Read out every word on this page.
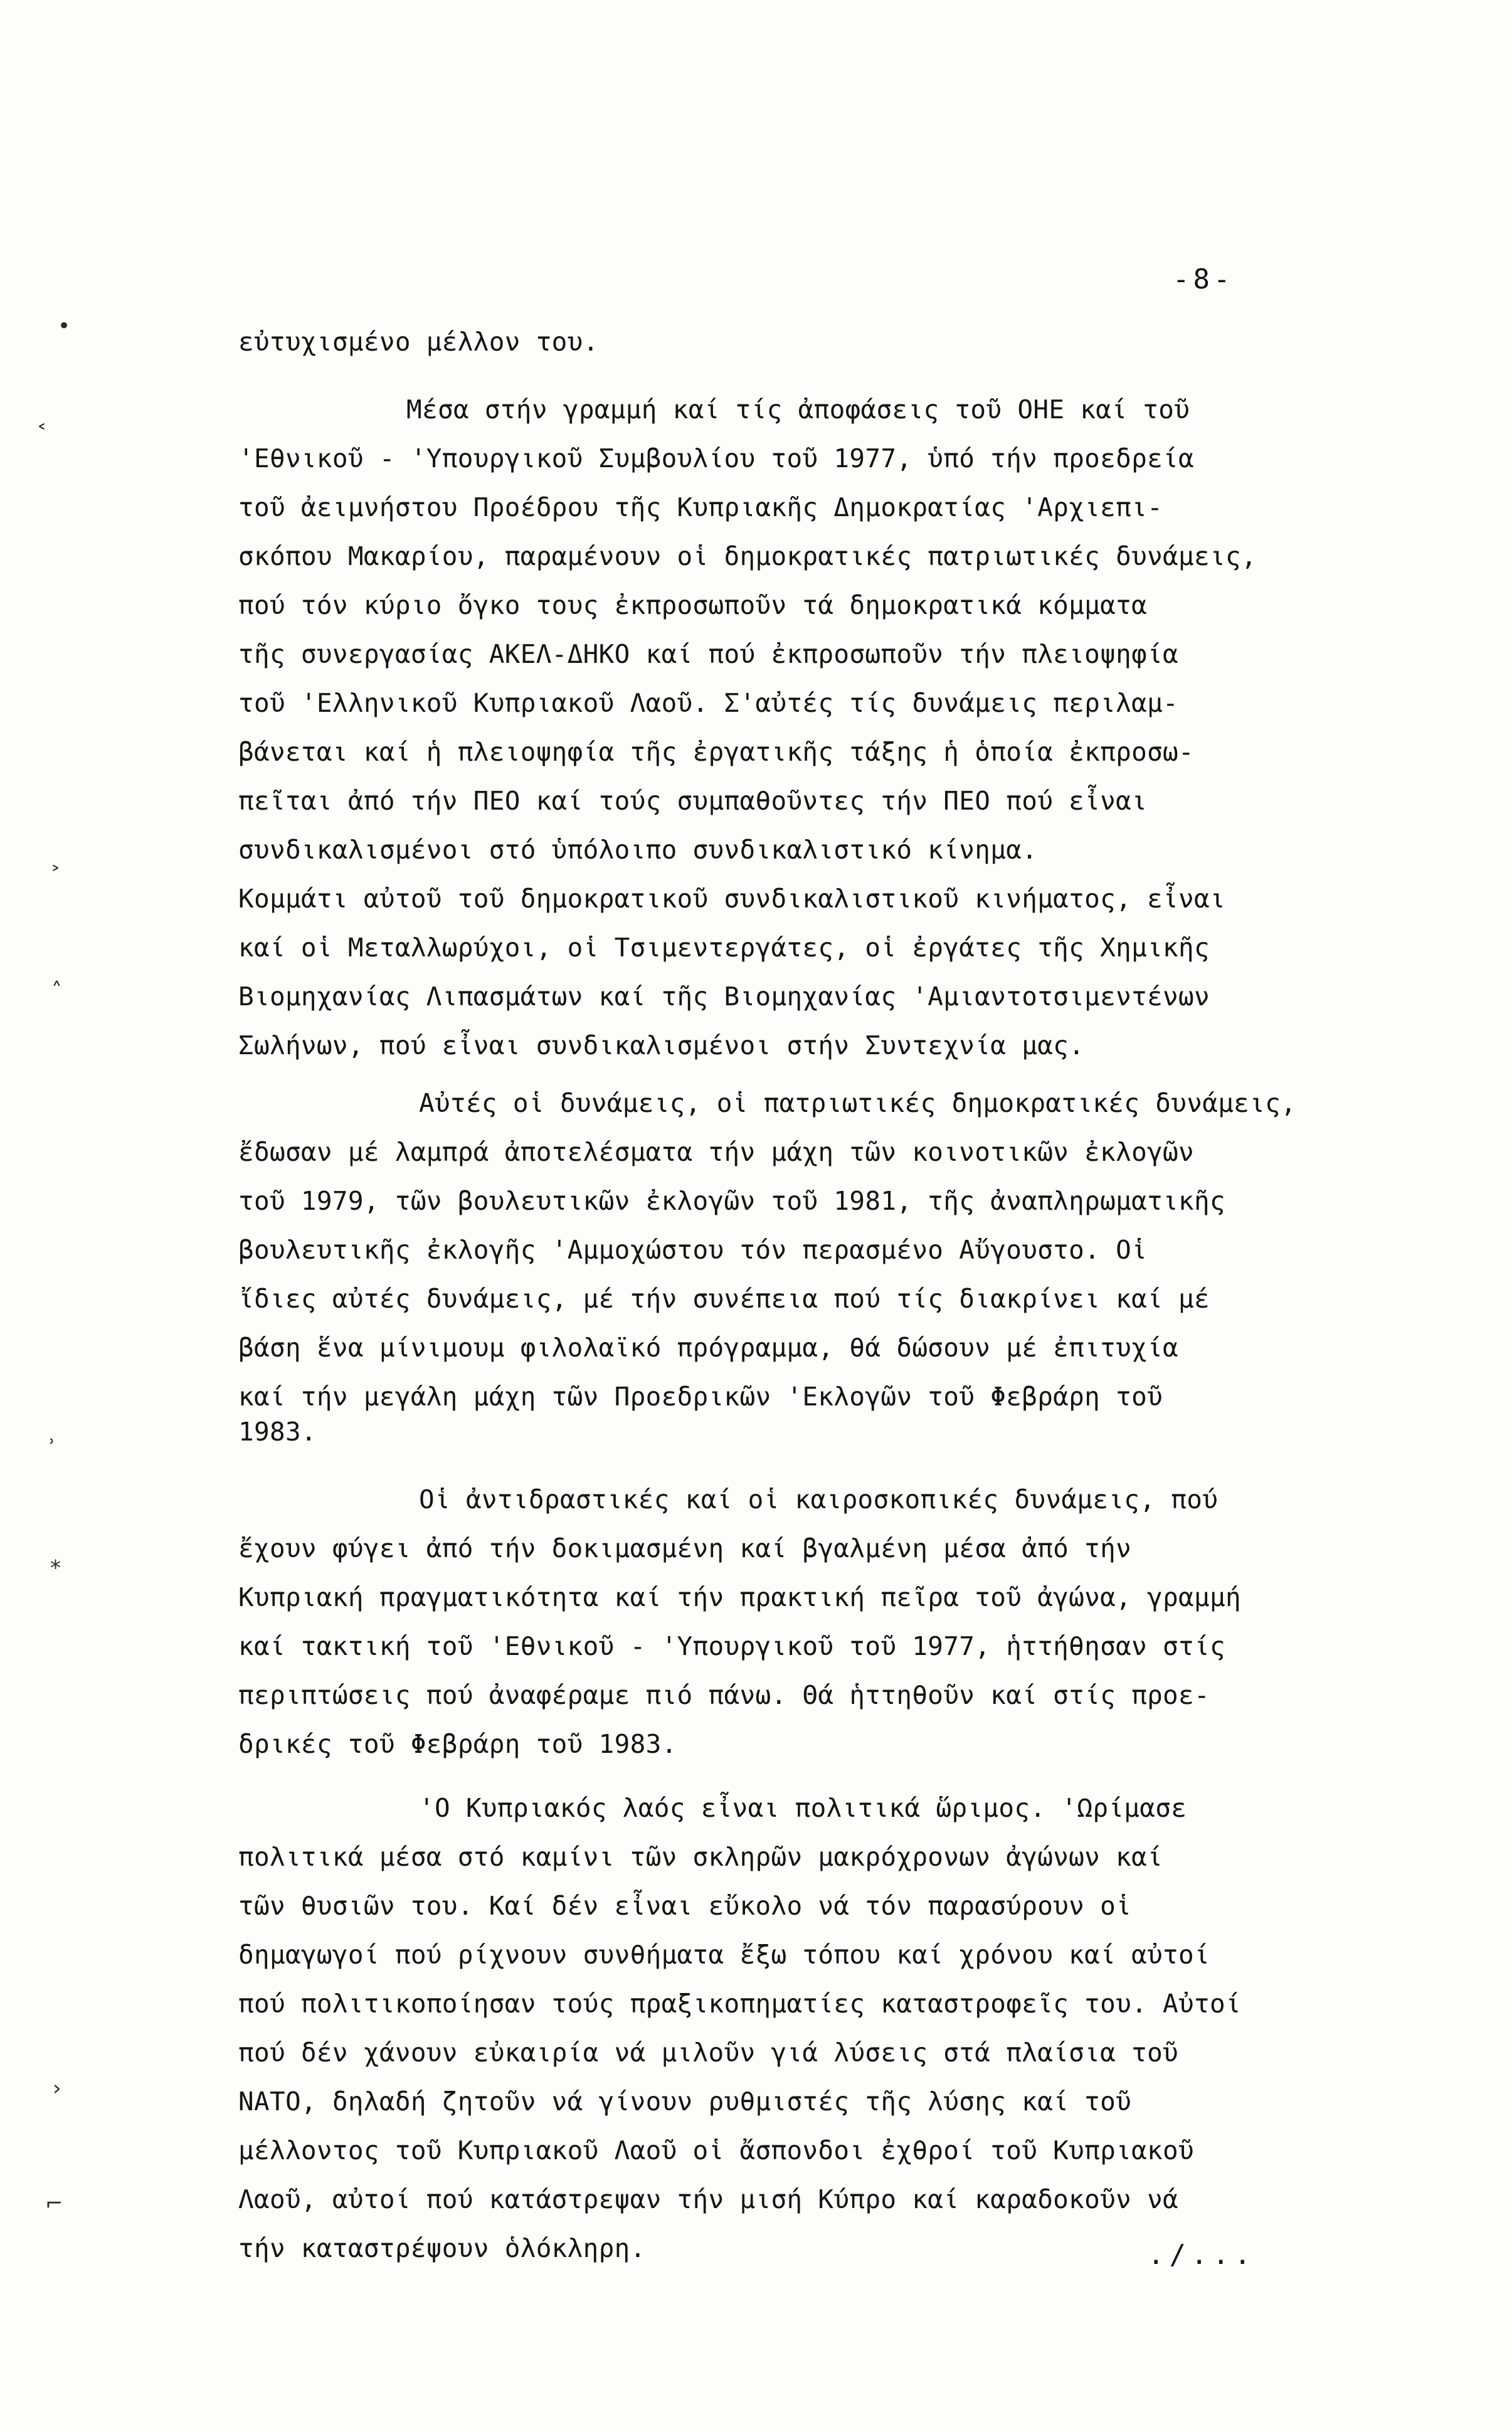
-8-
εὐτυχισμένο μέλλον του.
Μέσα στήν γραμμή καί τίς ἀποφάσεις τοῦ ΟΗΕ καί τοῦ
'Εθνικοῦ - 'Υπουργικοῦ Συμβουλίου τοῦ 1977, ὑπό τήν προεδρεία
τοῦ ἀειμνήστου Προέδρου τῆς Κυπριακῆς Δημοκρατίας 'Αρχιεπι-
σκόπου Μακαρίου, παραμένουν οἱ δημοκρατικές πατριωτικές δυνάμεις,
πού τόν κύριο ὄγκο τους ἐκπροσωποῦν τά δημοκρατικά κόμματα
τῆς συνεργασίας ΑΚΕΛ-ΔΗΚΟ καί πού ἐκπροσωποῦν τήν πλειοψηφία
τοῦ 'Ελληνικοῦ Κυπριακοῦ Λαοῦ. Σ'αὐτές τίς δυνάμεις περιλαμ-
βάνεται καί ἡ πλειοψηφία τῆς ἐργατικῆς τάξης ἡ ὁποία ἐκπροσω-
πεῖται ἀπό τήν ΠΕΟ καί τούς συμπαθοῦντες τήν ΠΕΟ πού εἶναι
συνδικαλισμένοι στό ὑπόλοιπο συνδικαλιστικό κίνημα.
Κομμάτι αὐτοῦ τοῦ δημοκρατικοῦ συνδικαλιστικοῦ κινήματος, εἶναι
καί οἱ Μεταλλωρύχοι, οἱ Τσιμεντεργάτες, οἱ ἐργάτες τῆς Χημικῆς
Βιομηχανίας Λιπασμάτων καί τῆς Βιομηχανίας 'Αμιαντοτσιμεντένων
Σωλήνων, πού εἶναι συνδικαλισμένοι στήν Συντεχνία μας.
Αὐτές οἱ δυνάμεις, οἱ πατριωτικές δημοκρατικές δυνάμεις,
ἔδωσαν μέ λαμπρά ἀποτελέσματα τήν μάχη τῶν κοινοτικῶν ἐκλογῶν
τοῦ 1979, τῶν βουλευτικῶν ἐκλογῶν τοῦ 1981, τῆς ἀναπληρωματικῆς
βουλευτικῆς ἐκλογῆς 'Αμμοχώστου τόν περασμένο Αὔγουστο. Οἱ
ἴδιες αὐτές δυνάμεις, μέ τήν συνέπεια πού τίς διακρίνει καί μέ
βάση ἕνα μίνιμουμ φιλολαϊκό πρόγραμμα, θά δώσουν μέ ἐπιτυχία
καί τήν μεγάλη μάχη τῶν Προεδρικῶν 'Εκλογῶν τοῦ Φεβράρη τοῦ
1983.
Οἱ ἀντιδραστικές καί οἱ καιροσκοπικές δυνάμεις, πού
ἔχουν φύγει ἀπό τήν δοκιμασμένη καί βγαλμένη μέσα ἀπό τήν
Κυπριακή πραγματικότητα καί τήν πρακτική πεῖρα τοῦ ἀγώνα, γραμμή
καί τακτική τοῦ 'Εθνικοῦ - 'Υπουργικοῦ τοῦ 1977, ἡττήθησαν στίς
περιπτώσεις πού ἀναφέραμε πιό πάνω. Θά ἡττηθοῦν καί στίς προε-
δρικές τοῦ Φεβράρη τοῦ 1983.
'Ο Κυπριακός λαός εἶναι πολιτικά ὥριμος. 'Ωρίμασε
πολιτικά μέσα στό καμίνι τῶν σκληρῶν μακρόχρονων ἀγώνων καί
τῶν θυσιῶν του. Καί δέν εἶναι εὔκολο νά τόν παρασύρουν οἱ
δημαγωγοί πού ρίχνουν συνθήματα ἔξω τόπου καί χρόνου καί αὐτοί
πού πολιτικοποίησαν τούς πραξικοπηματίες καταστροφεῖς του. Αὐτοί
πού δέν χάνουν εὐκαιρία νά μιλοῦν γιά λύσεις στά πλαίσια τοῦ
ΝΑΤΟ, δηλαδή ζητοῦν νά γίνουν ρυθμιστές τῆς λύσης καί τοῦ
μέλλοντος τοῦ Κυπριακοῦ Λαοῦ οἱ ἄσπονδοι ἐχθροί τοῦ Κυπριακοῦ
Λαοῦ, αὐτοί πού κατάστρεψαν τήν μισή Κύπρο καί καραδοκοῦν νά
τήν καταστρέψουν ὁλόκληρη.	./...
•
˂
˃
˄
˒
⁎
›
⌐
